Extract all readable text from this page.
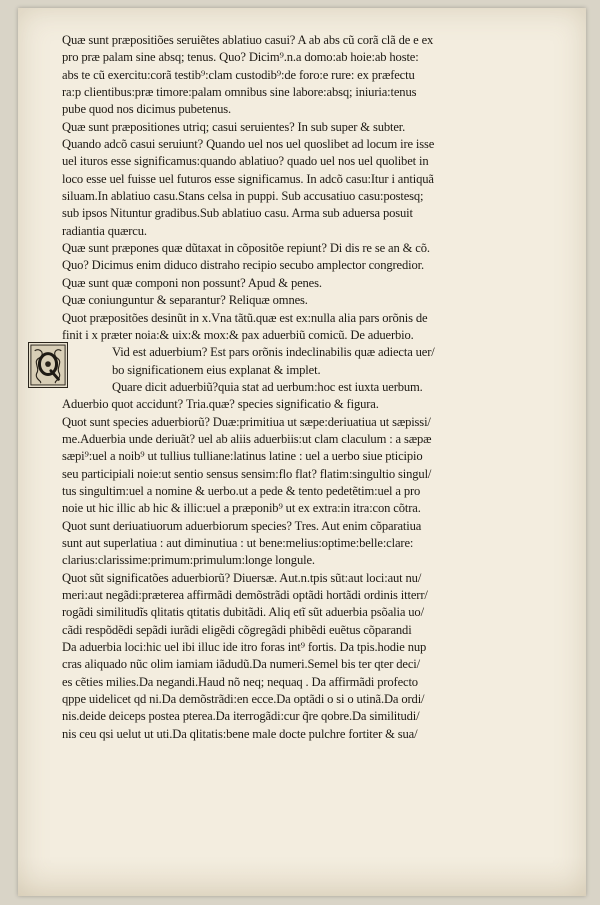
Quæ sunt præpositiões seruiẽtes ablatiuo casui? A ab abs cũ corã clã de e ex
pro præ palam sine absq; tenus. Quo? Dicim⁹.n.a domo:ab hoie:ab hoste:
abs te cũ exercitu:corã testib⁹:clam custodib⁹:de foro:e rure: ex præfectu
ra:p clientibus:præ timore:palam omnibus sine labore:absq; iniuria:tenus
pube quod nos dicimus pubetenus.
Quæ sunt præpositiones utriq; casui seruientes? In sub super & subter.
Quando adcõ casui seruiunt? Quando uel nos uel quoslibet ad locum ire isse
uel ituros esse significamus:quando ablatiuo? quado uel nos uel quolibet in
loco esse uel fuisse uel futuros esse significamus. In adcõ casu:Itur i antiquã
siluam.In ablatiuo casu.Stans celsa in puppi. Sub accusatiuo casu:postesq;
sub ipsos Nituntur gradibus.Sub ablatiuo casu. Arma sub aduersa posuit
radiantia quærcu.
Quæ sunt præpones quæ dũtaxat in cõpositõe repiunt? Di dis re se an & cõ.
Quo? Dicimus enim diduco distraho recipio secubo amplector congredior.
Quæ sunt quæ componi non possunt? Apud & penes.
Quæ coniunguntur & separantur? Reliquæ omnes.
Quot præpositões desinũt in x.Vna tãtũ.quæ est ex:nulla alia pars orõnis de
finit i x præter noia:& uix:& mox:& pax aduerbiũ comicũ. De aduerbio.
Vid est aduerbium? Est pars orõnis indeclinabilis quæ adiecta uer/
bo significationem eius explanat & implet.
Quare dicit aduerbiũ?quia stat ad uerbum:hoc est iuxta uerbum.
Aduerbio quot accidunt? Tria.quæ? species significatio & figura.
Quot sunt species aduerbiorũ? Duæ:primitiua ut sæpe:deriuatiua ut sæpissi/
me.Aduerbia unde deriuãt? uel ab aliis aduerbiis:ut clam claculum : a sæpæ
sæpi⁹:uel a noib⁹ ut tullius tulliane:latinus latine : uel a uerbo siue pticipio
seu participiali noie:ut sentio sensus sensim:flo flat? flatim:singultio singul/
tus singultim:uel a nomine & uerbo.ut a pede & tento pedetẽtim:uel a pro
noie ut hic illic ab hic & illic:uel a præponib⁹ ut ex extra:in itra:con cõtra.
Quot sunt deriuatiuorum aduerbiorum species? Tres. Aut enim cõparatiua
sunt aut superlatiua : aut diminutiua : ut bene:melius:optime:belle:clare:
clarius:clarissime:primum:primulum:longe longule.
Quot sũt significatões aduerbiorũ? Diuersæ. Aut.n.tpis sũt:aut loci:aut nu/
meri:aut negãdi:præterea affirmãdi demõstrãdi optãdi hortãdi ordinis itterr/
rogãdi similitudĩs qlitatis qtitatis dubitãdi. Aliq etĩ sũt aduerbia psõalia uo/
cãdi respõdẽdi sepãdi iurãdi eligẽdi cõgregãdi phibẽdi euẽtus cõparandi
Da aduerbia loci:hic uel ibi illuc ide itro foras int⁹ fortis. Da tpis.hodie nup
cras aliquado nũc olim iamiam iãdudũ.Da numeri.Semel bis ter qter deci/
es cẽties milies.Da negandi.Haud nõ neq; nequaq . Da affirmãdi profecto
qppe uidelicet qd ni.Da demõstrãdi:en ecce.Da optãdi o si o utinã.Da ordi/
nis.deide deiceps postea pterea.Da iterrogãdi:cur q̃re qobre.Da similitudi/
nis ceu qsi uelut ut uti.Da qlitatis:bene male docte pulchre fortiter & sua/
